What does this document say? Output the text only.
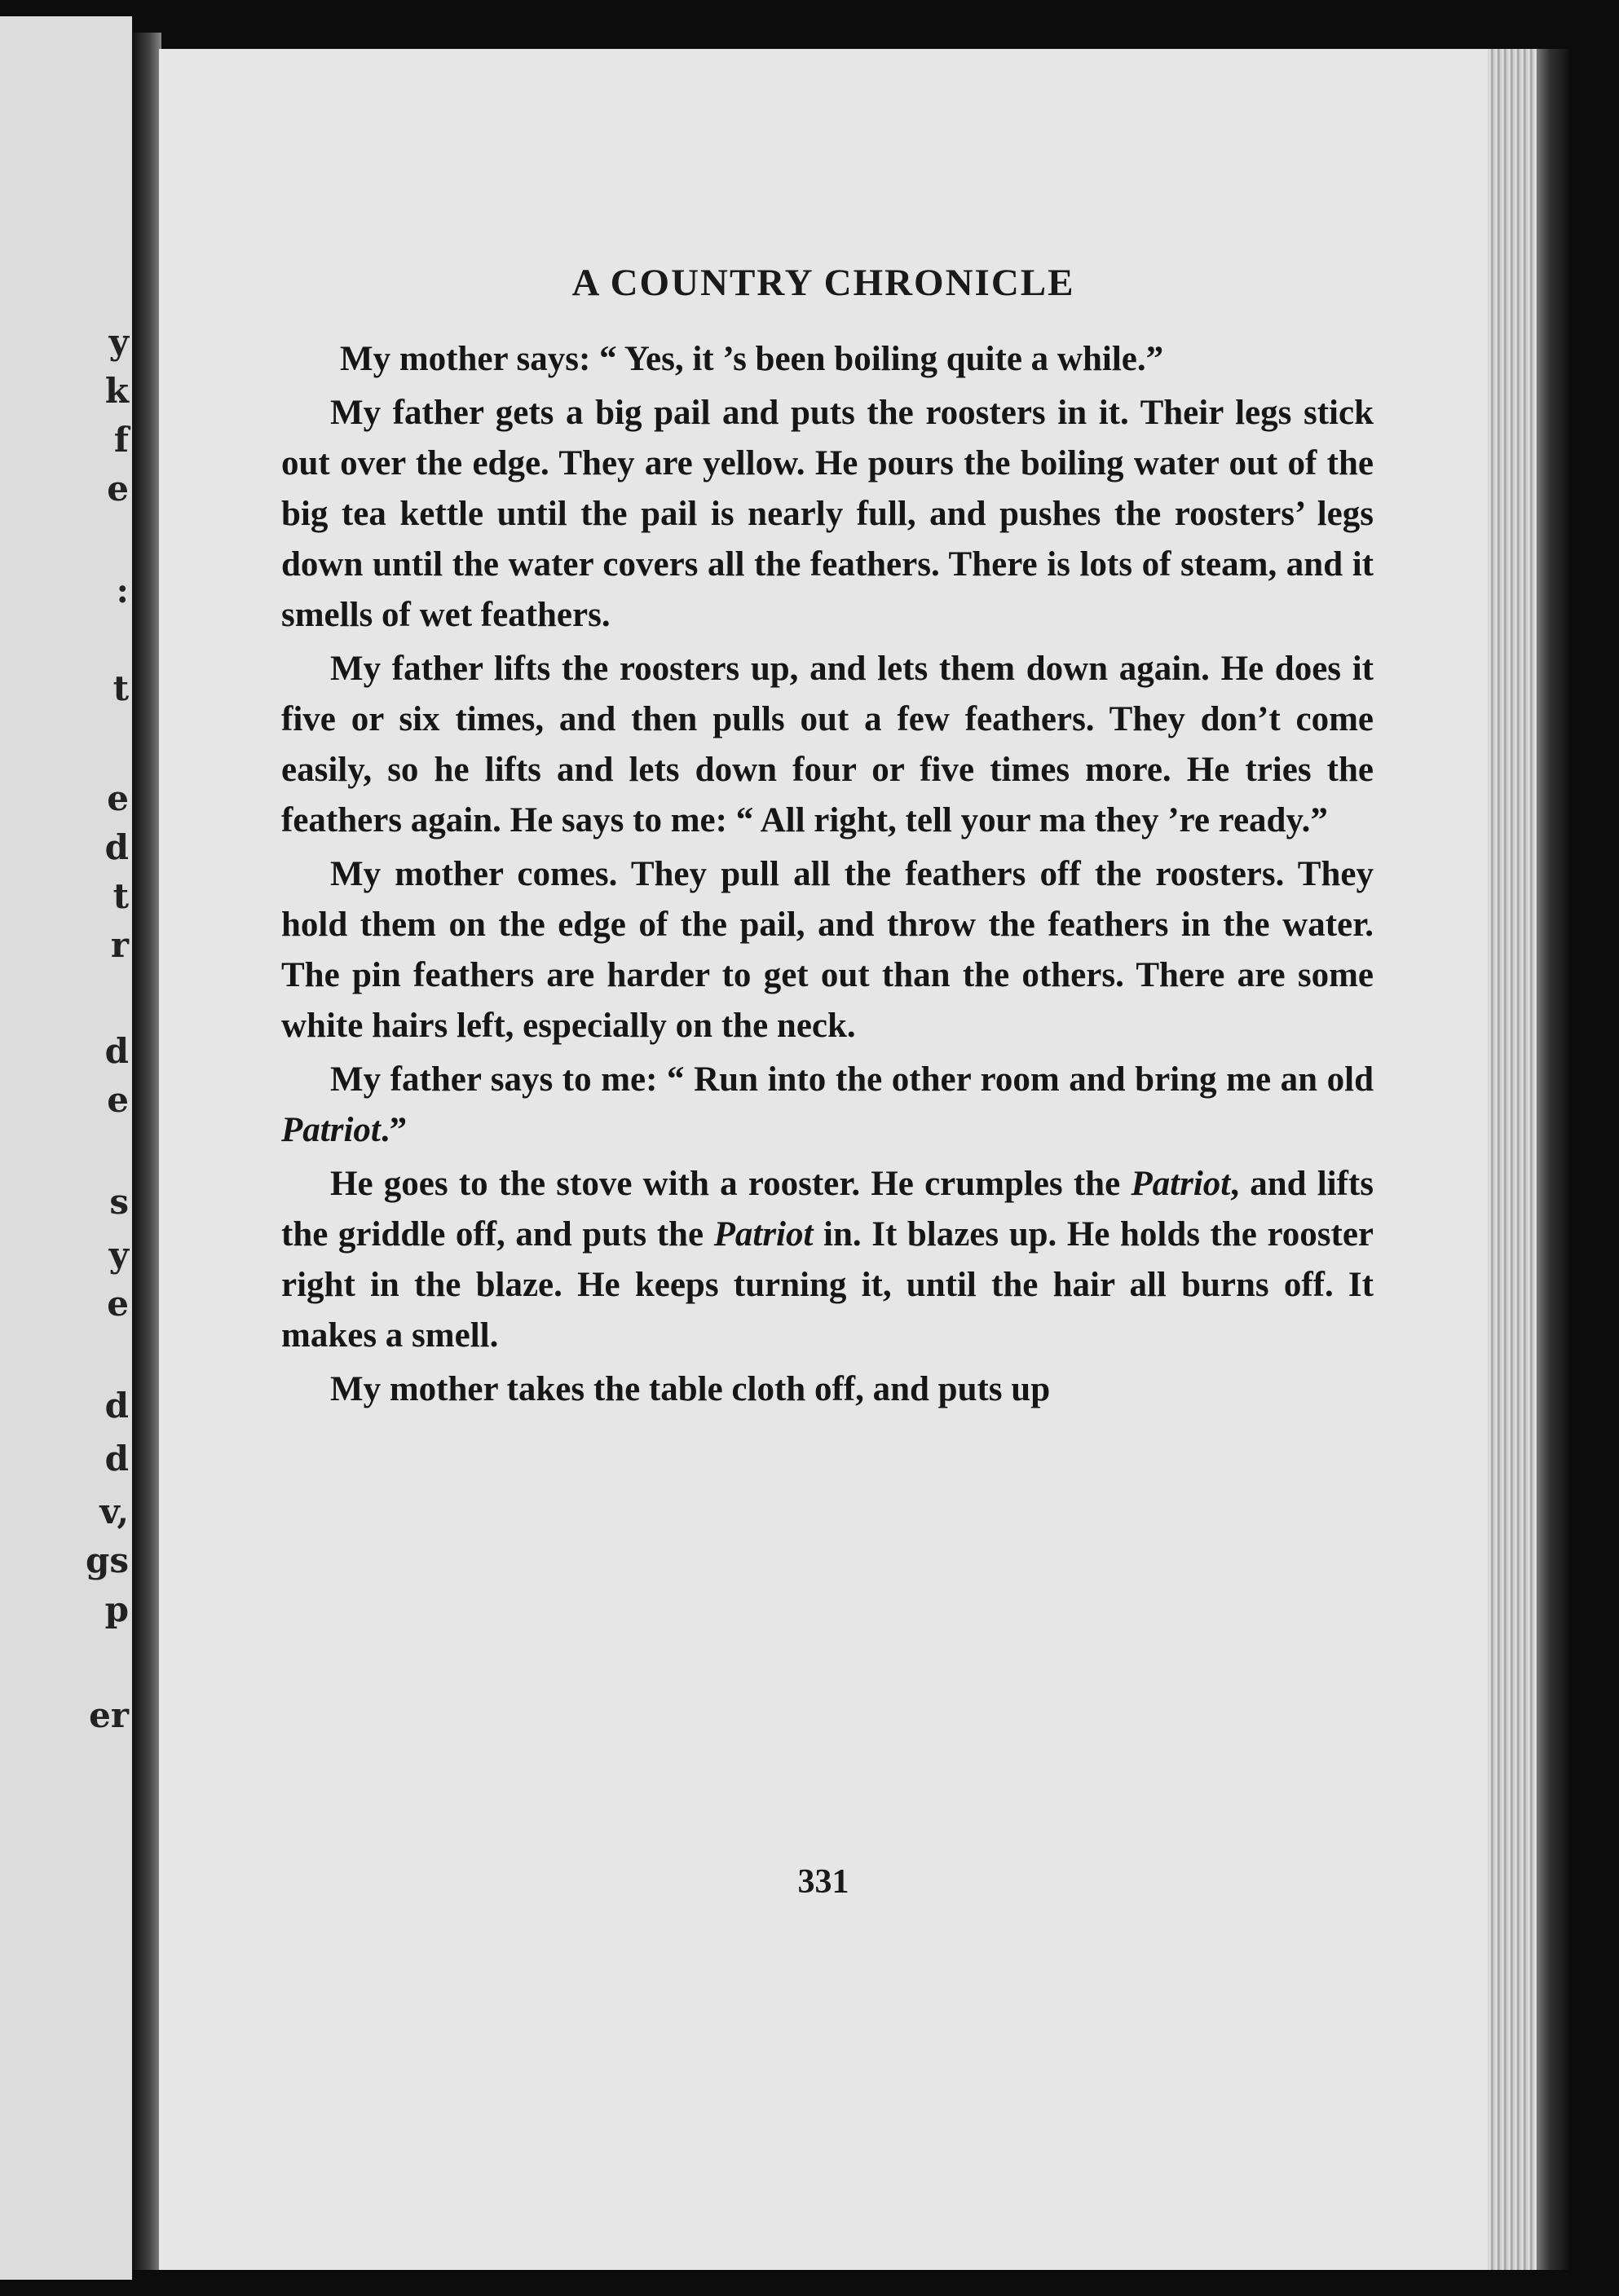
y
k
f
e
:
t
e
d
t
r
d
e
s
y
e
d
d
v,
gs
p
er
A COUNTRY CHRONICLE

My mother says: “ Yes, it ’s been boiling quite a while.”

My father gets a big pail and puts the roosters in it. Their legs stick out over the edge. They are yellow. He pours the boiling water out of the big tea kettle until the pail is nearly full, and pushes the roosters’ legs down until the water covers all the feathers. There is lots of steam, and it smells of wet feathers.

My father lifts the roosters up, and lets them down again. He does it five or six times, and then pulls out a few feathers. They don’t come easily, so he lifts and lets down four or five times more. He tries the feathers again. He says to me: “ All right, tell your ma they ’re ready.”

My mother comes. They pull all the feathers off the roosters. They hold them on the edge of the pail, and throw the feathers in the water. The pin feathers are harder to get out than the others. There are some white hairs left, especially on the neck.

My father says to me: “ Run into the other room and bring me an old Patriot.”

He goes to the stove with a rooster. He crumples the Patriot, and lifts the griddle off, and puts the Patriot in. It blazes up. He holds the rooster right in the blaze. He keeps turning it, until the hair all burns off. It makes a smell.

My mother takes the table cloth off, and puts up

331
